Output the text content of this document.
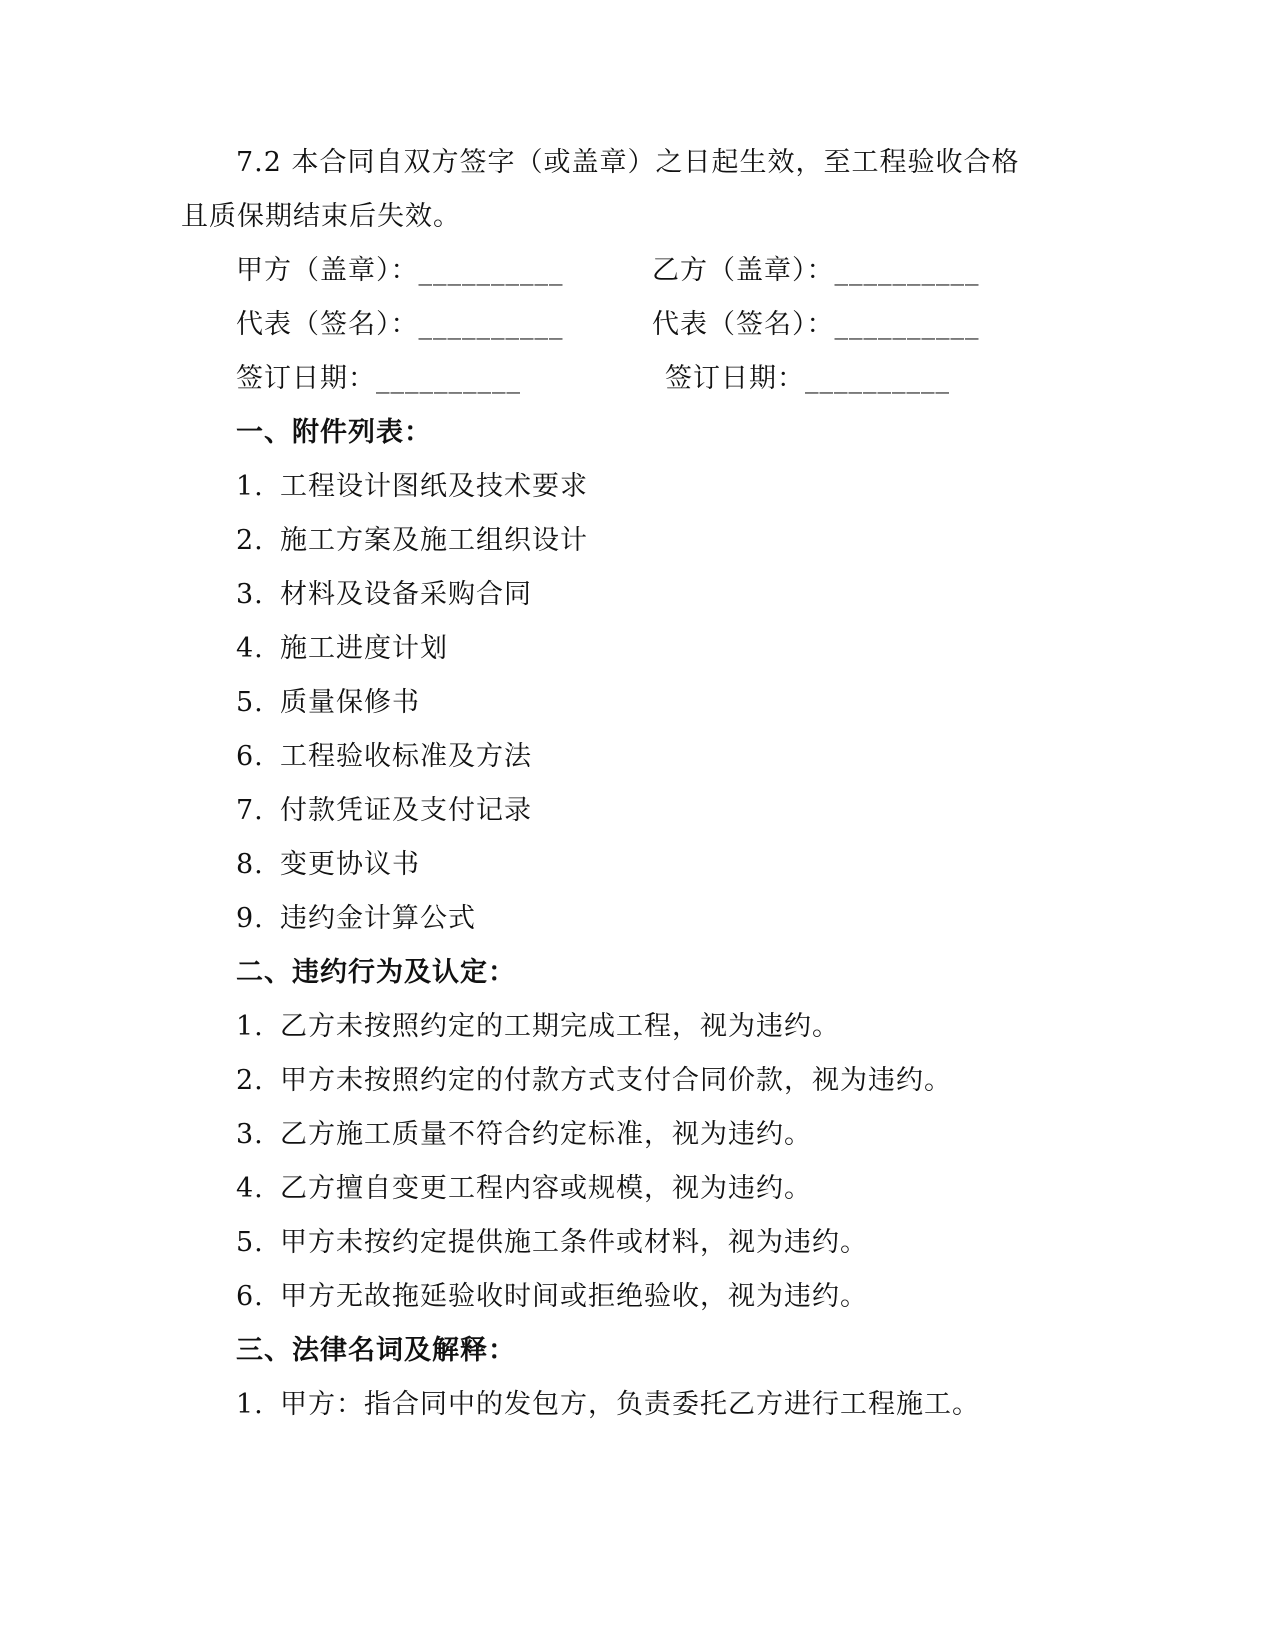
7.2 本合同自双方签字（或盖章）之日起生效，至工程验收合格
且质保期结束后失效。
甲方（盖章）：__________	乙方（盖章）：__________
代表（签名）：__________	代表（签名）：__________
签订日期：__________	签订日期：__________
一、附件列表：
1. 工程设计图纸及技术要求
2. 施工方案及施工组织设计
3. 材料及设备采购合同
4. 施工进度计划
5. 质量保修书
6. 工程验收标准及方法
7. 付款凭证及支付记录
8. 变更协议书
9. 违约金计算公式
二、违约行为及认定：
1. 乙方未按照约定的工期完成工程，视为违约。
2. 甲方未按照约定的付款方式支付合同价款，视为违约。
3. 乙方施工质量不符合约定标准，视为违约。
4. 乙方擅自变更工程内容或规模，视为违约。
5. 甲方未按约定提供施工条件或材料，视为违约。
6. 甲方无故拖延验收时间或拒绝验收，视为违约。
三、法律名词及解释：
1. 甲方：指合同中的发包方，负责委托乙方进行工程施工。
